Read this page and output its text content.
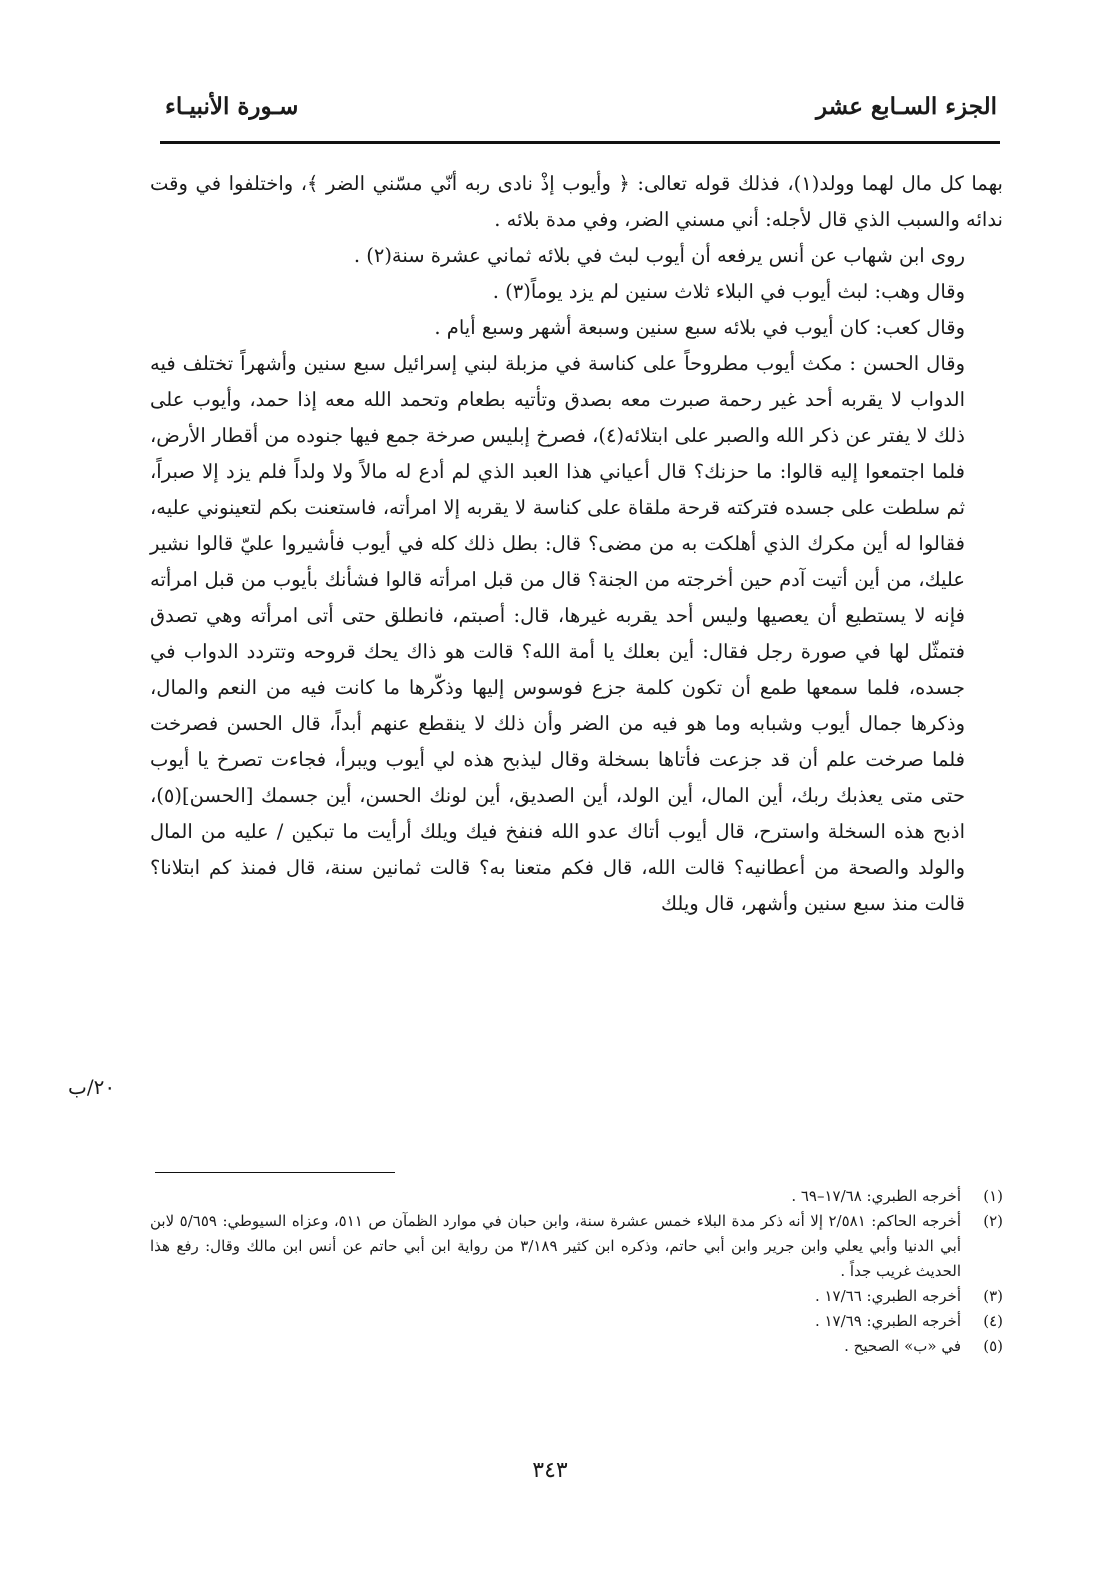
الجزء السـابع عشر
سـورة الأنبيـاء

بهما كل مال لهما وولد(١)، فذلك قوله تعالى: ﴿ وأيوب إذْ نادى ربه أنّي مسّني الضر ﴾، واختلفوا في وقت ندائه والسبب الذي قال لأجله: أني مسني الضر، وفي مدة بلائه .

روى ابن شهاب عن أنس يرفعه أن أيوب لبث في بلائه ثماني عشرة سنة(٢) .

وقال وهب: لبث أيوب في البلاء ثلاث سنين لم يزد يوماً(٣) .

وقال كعب: كان أيوب في بلائه سبع سنين وسبعة أشهر وسبع أيام .

وقال الحسن : مكث أيوب مطروحاً على كناسة في مزبلة لبني إسرائيل سبع سنين وأشهراً تختلف فيه الدواب لا يقربه أحد غير رحمة صبرت معه بصدق وتأتيه بطعام وتحمد الله معه إذا حمد، وأيوب على ذلك لا يفتر عن ذكر الله والصبر على ابتلائه(٤)، فصرخ إبليس صرخة جمع فيها جنوده من أقطار الأرض، فلما اجتمعوا إليه قالوا: ما حزنك؟ قال أعياني هذا العبد الذي لم أدع له مالاً ولا ولداً فلم يزد إلا صبراً، ثم سلطت على جسده فتركته قرحة ملقاة على كناسة لا يقربه إلا امرأته، فاستعنت بكم لتعينوني عليه، فقالوا له أين مكرك الذي أهلكت به من مضى؟ قال: بطل ذلك كله في أيوب فأشيروا عليّ قالوا نشير عليك، من أين أتيت آدم حين أخرجته من الجنة؟ قال من قبل امرأته قالوا فشأنك بأيوب من قبل امرأته فإنه لا يستطيع أن يعصيها وليس أحد يقربه غيرها، قال: أصبتم، فانطلق حتى أتى امرأته وهي تصدق فتمثّل لها في صورة رجل فقال: أين بعلك يا أمة الله؟ قالت هو ذاك يحك قروحه وتتردد الدواب في جسده، فلما سمعها طمع أن تكون كلمة جزع فوسوس إليها وذكّرها ما كانت فيه من النعم والمال، وذكرها جمال أيوب وشبابه وما هو فيه من الضر وأن ذلك لا ينقطع عنهم أبداً، قال الحسن فصرخت فلما صرخت علم أن قد جزعت فأتاها بسخلة وقال ليذبح هذه لي أيوب ويبرأ، فجاءت تصرخ يا أيوب حتى متى يعذبك ربك، أين المال، أين الولد، أين الصديق، أين لونك الحسن، أين جسمك [الحسن](٥)، اذبح هذه السخلة واسترح، قال أيوب أتاك عدو الله فنفخ فيك ويلك أرأيت ما تبكين / عليه من المال والولد والصحة من أعطانيه؟ قالت الله، قال فكم متعنا به؟ قالت ثمانين سنة، قال فمنذ كم ابتلانا؟ قالت منذ سبع سنين وأشهر، قال ويلك

٢٠/ب
(١)
أخرجه الطبري: ١٧/٦٨–٦٩ .
(٢)
أخرجه الحاكم: ٢/٥٨١ إلا أنه ذكر مدة البلاء خمس عشرة سنة، وابن حبان في موارد الظمآن ص ٥١١، وعزاه السيوطي: ٥/٦٥٩ لابن أبي الدنيا وأبي يعلي وابن جرير وابن أبي حاتم، وذكره ابن كثير ٣/١٨٩ من رواية ابن أبي حاتم عن أنس ابن مالك وقال: رفع هذا الحديث غريب جداً .
(٣)
أخرجه الطبري: ١٧/٦٦ .
(٤)
أخرجه الطبري: ١٧/٦٩ .
(٥)
في «ب» الصحيح .
٣٤٣
